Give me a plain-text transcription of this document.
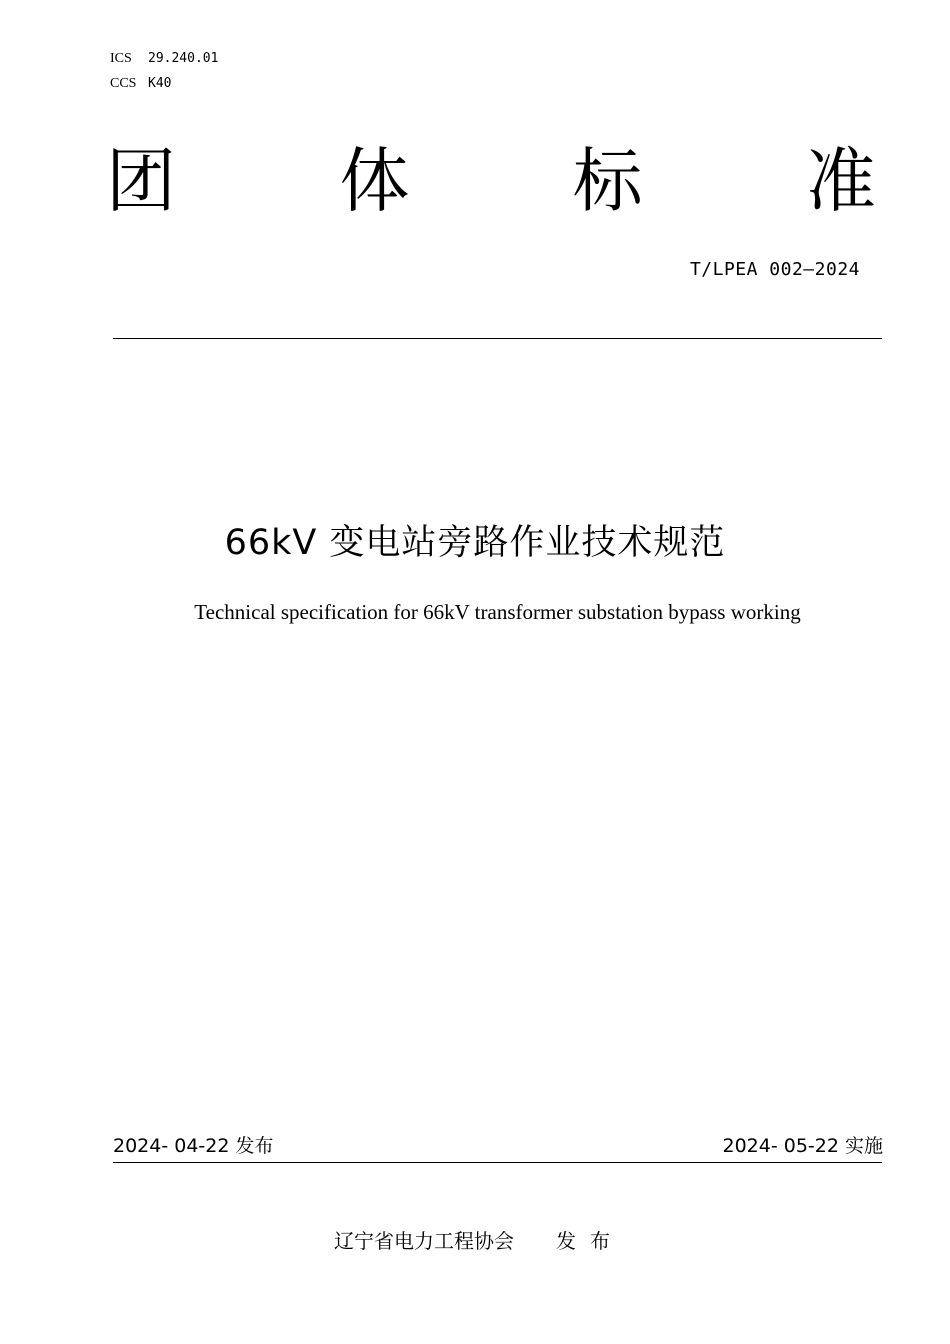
ICS 29.240.01
CCS K40
团 体 标 准
T/LPEA 002—2024
66kV 变电站旁路作业技术规范
Technical specification for 66kV transformer substation bypass working
2024- 04-22 发布	2024- 05-22 实施
辽宁省电力工程协会 发布
